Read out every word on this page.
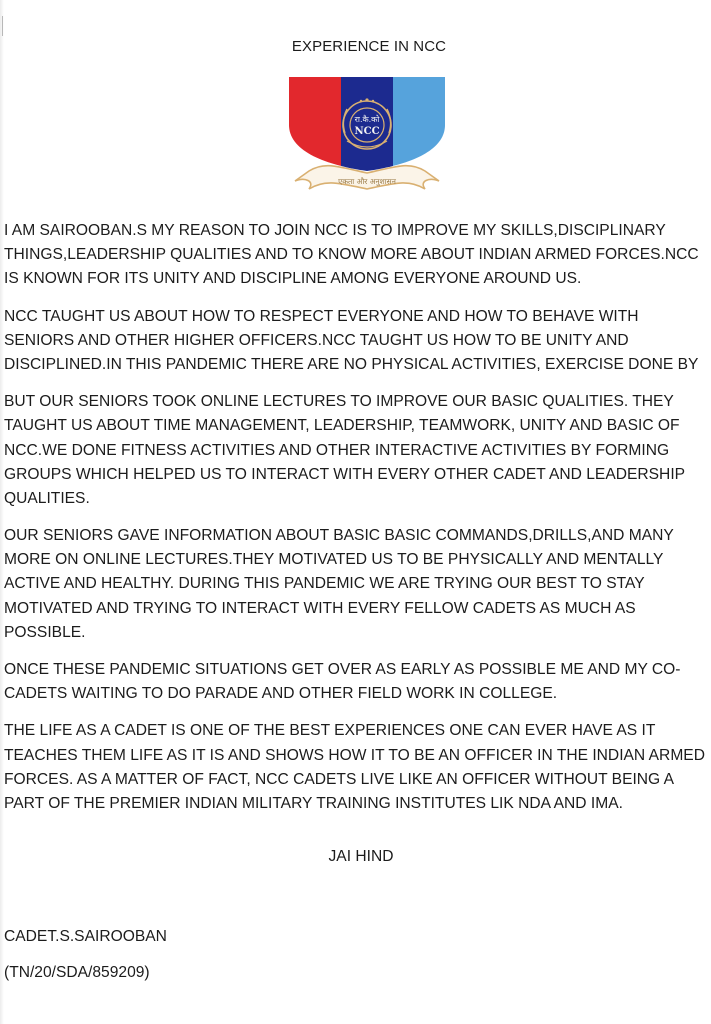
EXPERIENCE IN NCC
रा.कै.को
NCC
एकता और अनुशासन
I AM SAIROOBAN.S MY REASON TO JOIN NCC IS TO IMPROVE MY SKILLS,DISCIPLINARY
THINGS,LEADERSHIP QUALITIES AND TO KNOW MORE ABOUT INDIAN ARMED FORCES.NCC
IS KNOWN FOR ITS UNITY AND DISCIPLINE AMONG EVERYONE AROUND US.
NCC TAUGHT US ABOUT HOW TO RESPECT EVERYONE AND HOW TO BEHAVE WITH
SENIORS AND OTHER HIGHER OFFICERS.NCC TAUGHT US HOW TO BE UNITY AND
DISCIPLINED.IN THIS PANDEMIC THERE ARE NO PHYSICAL ACTIVITIES, EXERCISE DONE BY
BUT OUR SENIORS TOOK ONLINE LECTURES TO IMPROVE OUR BASIC QUALITIES. THEY
TAUGHT US ABOUT TIME MANAGEMENT, LEADERSHIP, TEAMWORK, UNITY AND BASIC OF
NCC.WE DONE FITNESS ACTIVITIES AND OTHER INTERACTIVE ACTIVITIES BY FORMING
GROUPS WHICH HELPED US TO INTERACT WITH EVERY OTHER CADET AND LEADERSHIP
QUALITIES.
OUR SENIORS GAVE INFORMATION ABOUT BASIC BASIC COMMANDS,DRILLS,AND MANY
MORE ON ONLINE LECTURES.THEY MOTIVATED US TO BE PHYSICALLY AND MENTALLY
ACTIVE AND HEALTHY. DURING THIS PANDEMIC WE ARE TRYING OUR BEST TO STAY
MOTIVATED AND TRYING TO INTERACT WITH EVERY FELLOW CADETS AS MUCH AS
POSSIBLE.
ONCE THESE PANDEMIC SITUATIONS GET OVER AS EARLY AS POSSIBLE ME AND MY CO-
CADETS WAITING TO DO PARADE AND OTHER FIELD WORK IN COLLEGE.
THE LIFE AS A CADET IS ONE OF THE BEST EXPERIENCES ONE CAN EVER HAVE AS IT
TEACHES THEM LIFE AS IT IS AND SHOWS HOW IT TO BE AN OFFICER IN THE INDIAN ARMED
FORCES. AS A MATTER OF FACT, NCC CADETS LIVE LIKE AN OFFICER WITHOUT BEING A
PART OF THE PREMIER INDIAN MILITARY TRAINING INSTITUTES LIK NDA AND IMA.
JAI HIND
CADET.S.SAIROOBAN
(TN/20/SDA/859209)
